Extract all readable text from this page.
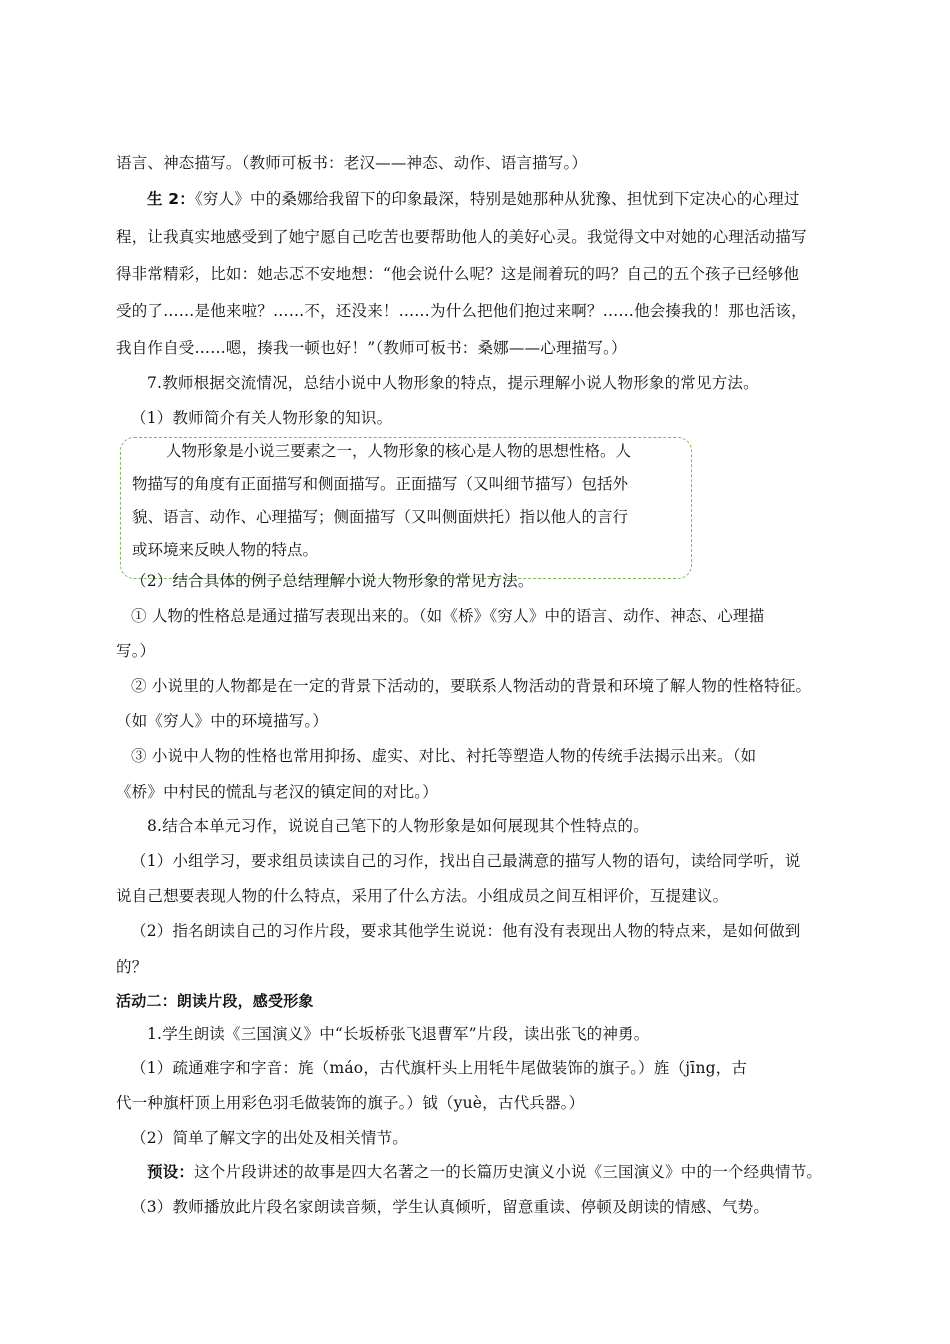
语言、神态描写。（教师可板书：老汉——神态、动作、语言描写。）
生 2：《穷人》中的桑娜给我留下的印象最深，特别是她那种从犹豫、担忧到下定决心的心理过
程，让我真实地感受到了她宁愿自己吃苦也要帮助他人的美好心灵。我觉得文中对她的心理活动描写
得非常精彩，比如：她忐忑不安地想：“他会说什么呢？这是闹着玩的吗？自己的五个孩子已经够他
受的了……是他来啦？……不，还没来！……为什么把他们抱过来啊？……他会揍我的！那也活该，
我自作自受……嗯，揍我一顿也好！”（教师可板书：桑娜——心理描写。）
7.教师根据交流情况，总结小说中人物形象的特点，提示理解小说人物形象的常见方法。
（1）教师简介有关人物形象的知识。
人物形象是小说三要素之一，人物形象的核心是人物的思想性格。人
物描写的角度有正面描写和侧面描写。正面描写（又叫细节描写）包括外
貌、语言、动作、心理描写；侧面描写（又叫侧面烘托）指以他人的言行
或环境来反映人物的特点。
（2）结合具体的例子总结理解小说人物形象的常见方法。
① 人物的性格总是通过描写表现出来的。（如《桥》《穷人》中的语言、动作、神态、心理描
写。）
② 小说里的人物都是在一定的背景下活动的，要联系人物活动的背景和环境了解人物的性格特征。
（如《穷人》中的环境描写。）
③ 小说中人物的性格也常用抑扬、虚实、对比、衬托等塑造人物的传统手法揭示出来。（如
《桥》中村民的慌乱与老汉的镇定间的对比。）
8.结合本单元习作，说说自己笔下的人物形象是如何展现其个性特点的。
（1）小组学习，要求组员读读自己的习作，找出自己最满意的描写人物的语句，读给同学听，说
说自己想要表现人物的什么特点，采用了什么方法。小组成员之间互相评价，互提建议。
（2）指名朗读自己的习作片段，要求其他学生说说：他有没有表现出人物的特点来，是如何做到
的？
活动二：朗读片段，感受形象
1.学生朗读《三国演义》中“长坂桥张飞退曹军”片段，读出张飞的神勇。
（1）疏通难字和字音：旄（máo，古代旗杆头上用牦牛尾做装饰的旗子。）旌（jīng，古
代一种旗杆顶上用彩色羽毛做装饰的旗子。）钺（yuè，古代兵器。）
（2）简单了解文字的出处及相关情节。
预设：这个片段讲述的故事是四大名著之一的长篇历史演义小说《三国演义》中的一个经典情节。
（3）教师播放此片段名家朗读音频，学生认真倾听，留意重读、停顿及朗读的情感、气势。
